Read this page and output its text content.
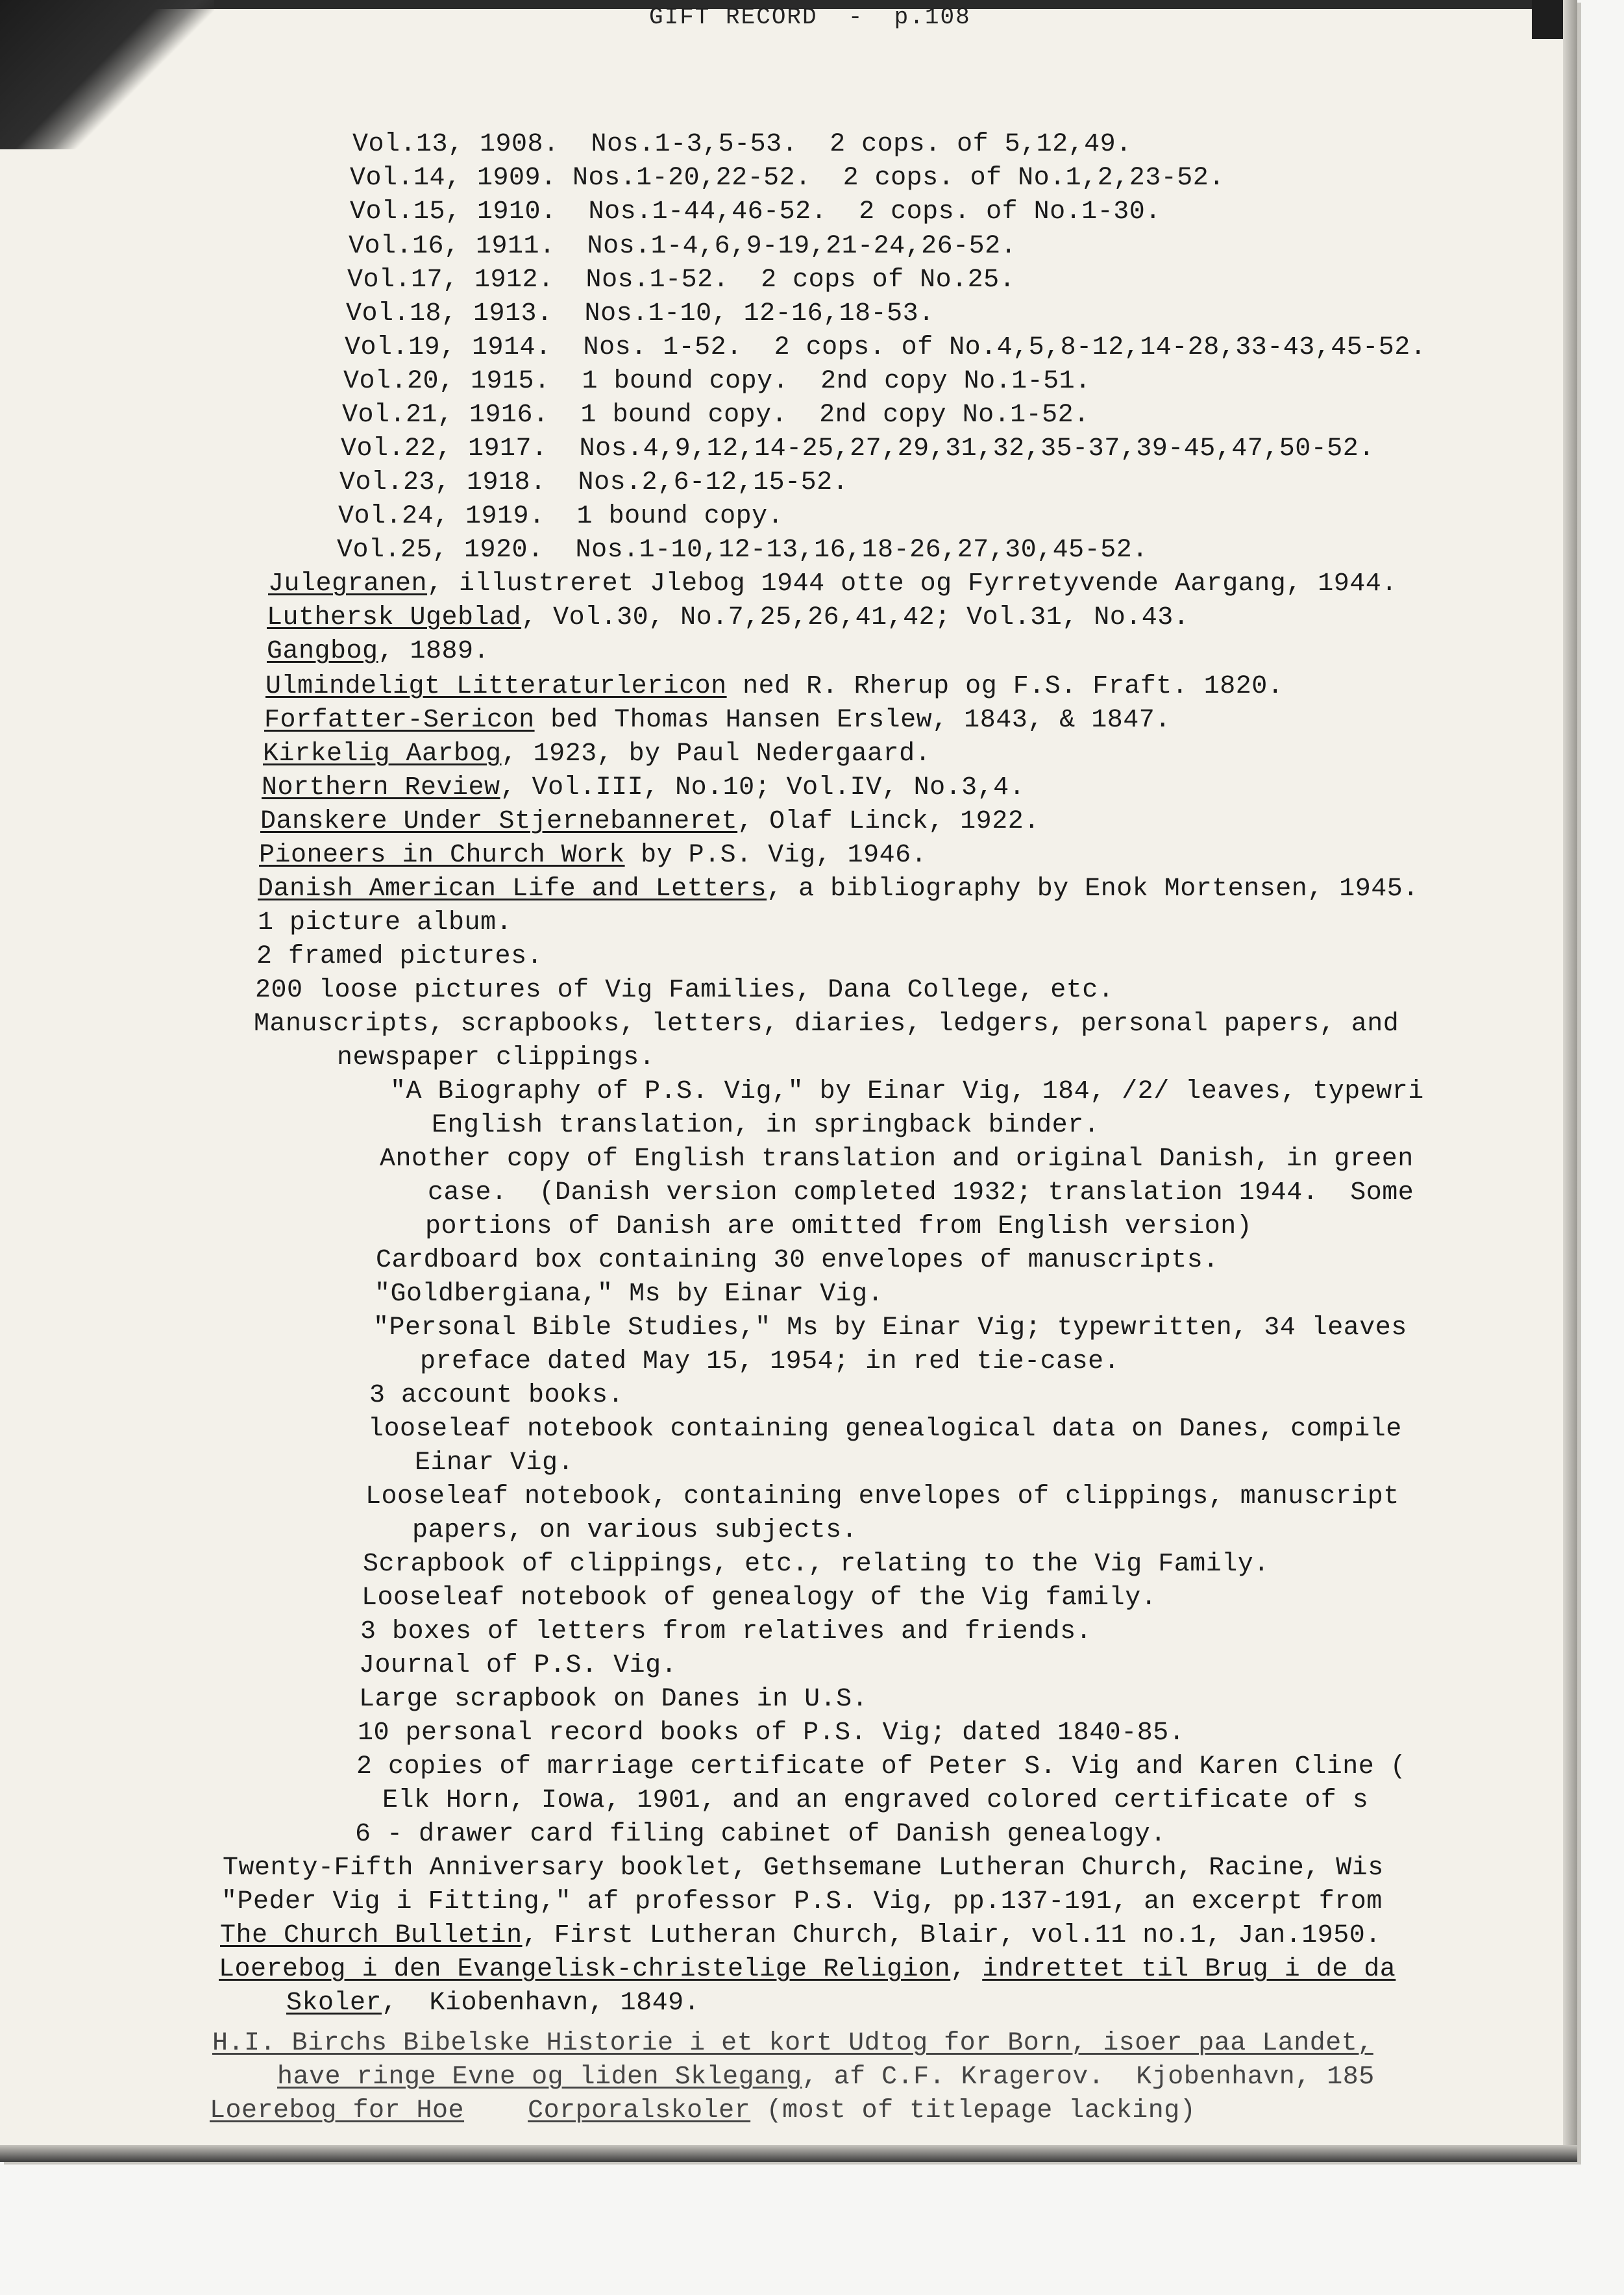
GIFT RECORD  -  p.108
Vol.13, 1908.  Nos.1-3,5-53.  2 cops. of 5,12,49.
Vol.14, 1909. Nos.1-20,22-52.  2 cops. of No.1,2,23-52.
Vol.15, 1910.  Nos.1-44,46-52.  2 cops. of No.1-30.
Vol.16, 1911.  Nos.1-4,6,9-19,21-24,26-52.
Vol.17, 1912.  Nos.1-52.  2 cops of No.25.
Vol.18, 1913.  Nos.1-10, 12-16,18-53.
Vol.19, 1914.  Nos. 1-52.  2 cops. of No.4,5,8-12,14-28,33-43,45-52.
Vol.20, 1915.  1 bound copy.  2nd copy No.1-51.
Vol.21, 1916.  1 bound copy.  2nd copy No.1-52.
Vol.22, 1917.  Nos.4,9,12,14-25,27,29,31,32,35-37,39-45,47,50-52.
Vol.23, 1918.  Nos.2,6-12,15-52.
Vol.24, 1919.  1 bound copy.
Vol.25, 1920.  Nos.1-10,12-13,16,18-26,27,30,45-52.
Julegranen, illustreret Jlebog 1944 otte og Fyrretyvende Aargang, 1944.
Luthersk Ugeblad, Vol.30, No.7,25,26,41,42; Vol.31, No.43.
Gangbog, 1889.
Ulmindeligt Litteraturlericon ned R. Rherup og F.S. Fraft. 1820.
Forfatter-Sericon bed Thomas Hansen Erslew, 1843, & 1847.
Kirkelig Aarbog, 1923, by Paul Nedergaard.
Northern Review, Vol.III, No.10; Vol.IV, No.3,4.
Danskere Under Stjernebanneret, Olaf Linck, 1922.
Pioneers in Church Work by P.S. Vig, 1946.
Danish American Life and Letters, a bibliography by Enok Mortensen, 1945.
1 picture album.
2 framed pictures.
200 loose pictures of Vig Families, Dana College, etc.
Manuscripts, scrapbooks, letters, diaries, ledgers, personal papers, and
newspaper clippings.
"A Biography of P.S. Vig," by Einar Vig, 184, /2/ leaves, typewri
English translation, in springback binder.
Another copy of English translation and original Danish, in green
case.  (Danish version completed 1932; translation 1944.  Some
portions of Danish are omitted from English version)
Cardboard box containing 30 envelopes of manuscripts.
"Goldbergiana," Ms by Einar Vig.
"Personal Bible Studies," Ms by Einar Vig; typewritten, 34 leaves
preface dated May 15, 1954; in red tie-case.
3 account books.
looseleaf notebook containing genealogical data on Danes, compile
Einar Vig.
Looseleaf notebook, containing envelopes of clippings, manuscript
papers, on various subjects.
Scrapbook of clippings, etc., relating to the Vig Family.
Looseleaf notebook of genealogy of the Vig family.
3 boxes of letters from relatives and friends.
Journal of P.S. Vig.
Large scrapbook on Danes in U.S.
10 personal record books of P.S. Vig; dated 1840-85.
2 copies of marriage certificate of Peter S. Vig and Karen Cline (
Elk Horn, Iowa, 1901, and an engraved colored certificate of s
6 - drawer card filing cabinet of Danish genealogy.
Twenty-Fifth Anniversary booklet, Gethsemane Lutheran Church, Racine, Wis
"Peder Vig i Fitting," af professor P.S. Vig, pp.137-191, an excerpt from
The Church Bulletin, First Lutheran Church, Blair, vol.11 no.1, Jan.1950.
Loerebog i den Evangelisk-christelige Religion, indrettet til Brug i de da
Skoler,  Kiobenhavn, 1849.
H.I. Birchs Bibelske Historie i et kort Udtog for Born, isoer paa Landet,
have ringe Evne og liden Sklegang, af C.F. Kragerov.  Kjobenhavn, 185
Loerebog for Hoe Corporalskoler (most of titlepage lacking)
